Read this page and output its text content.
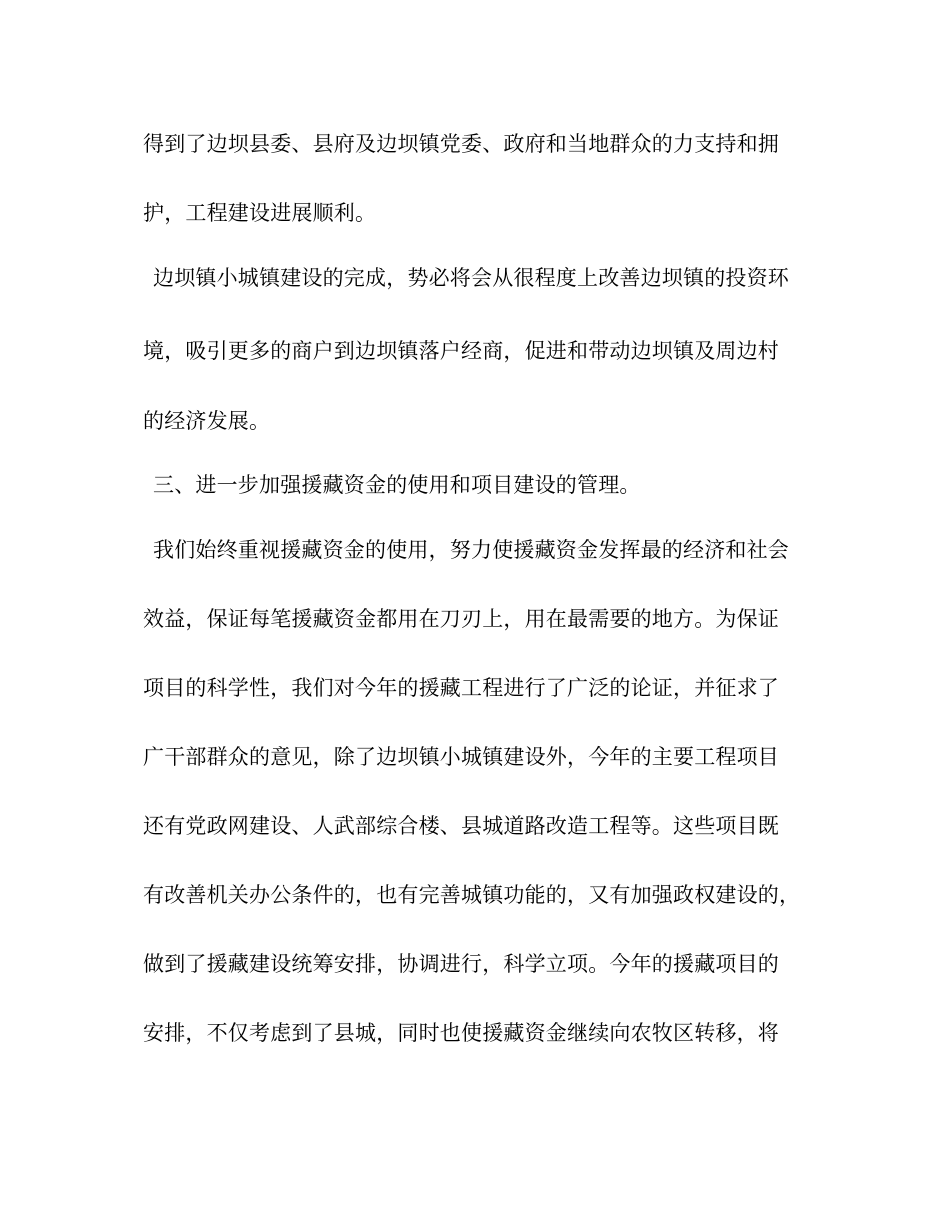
得到了边坝县委、县府及边坝镇党委、政府和当地群众的力支持和拥
护，工程建设进展顺利。
边坝镇小城镇建设的完成，势必将会从很程度上改善边坝镇的投资环
境，吸引更多的商户到边坝镇落户经商，促进和带动边坝镇及周边村
的经济发展。
三、进一步加强援藏资金的使用和项目建设的管理。
我们始终重视援藏资金的使用，努力使援藏资金发挥最的经济和社会
效益，保证每笔援藏资金都用在刀刃上，用在最需要的地方。为保证
项目的科学性，我们对今年的援藏工程进行了广泛的论证，并征求了
广干部群众的意见，除了边坝镇小城镇建设外，今年的主要工程项目
还有党政网建设、人武部综合楼、县城道路改造工程等。这些项目既
有改善机关办公条件的，也有完善城镇功能的，又有加强政权建设的，
做到了援藏建设统筹安排，协调进行，科学立项。今年的援藏项目的
安排，不仅考虑到了县城，同时也使援藏资金继续向农牧区转移，将
